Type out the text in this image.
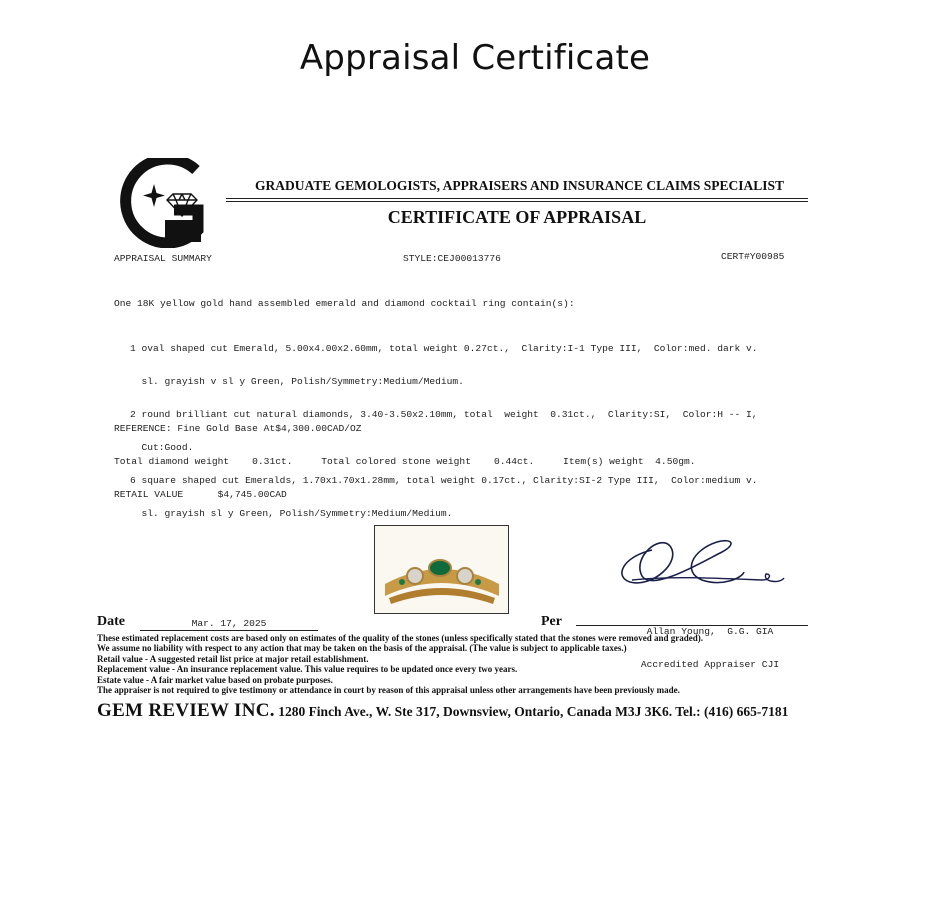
Appraisal Certificate
GRADUATE GEMOLOGISTS, APPRAISERS AND INSURANCE CLAIMS SPECIALIST
CERTIFICATE OF APPRAISAL
APPRAISAL SUMMARY	STYLE:CEJ00013776	CERT#Y00985
One 18K yellow gold hand assembled emerald and diamond cocktail ring contain(s):

1 oval shaped cut Emerald, 5.00x4.00x2.60mm, total weight 0.27ct.,  Clarity:I-1 Type III,  Color:med. dark v.

sl. grayish v sl y Green, Polish/Symmetry:Medium/Medium.

2 round brilliant cut natural diamonds, 3.40-3.50x2.10mm, total  weight  0.31ct.,  Clarity:SI,  Color:H -- I,

Cut:Good.

6 square shaped cut Emeralds, 1.70x1.70x1.28mm, total weight 0.17ct., Clarity:SI-2 Type III,  Color:medium v.

sl. grayish sl y Green, Polish/Symmetry:Medium/Medium.

REFERENCE: Fine Gold Base At$4,300.00CAD/OZ

Total diamond weight    0.31ct.     Total colored stone weight    0.44ct.     Item(s) weight  4.50gm.

RETAIL VALUE      $4,745.00CAD

Allan Young,  G.G. GIA

Accredited Appraiser CJI

Date	Mar. 17, 2025	Per
These estimated replacement costs are based only on estimates of the quality of the stones (unless specifically stated that the stones were removed and graded).
We assume no liability with respect to any action that may be taken on the basis of the appraisal. (The value is subject to applicable taxes.)
Retail value - A suggested retail list price at major retail establishment.
Replacement value - An insurance replacement value. This value requires to be updated once every two years.
Estate value - A fair market value based on probate purposes.
The appraiser is not required to give testimony or attendance in court by reason of this appraisal unless other arrangements have been previously made.
GEM REVIEW INC. 1280 Finch Ave., W. Ste 317, Downsview, Ontario, Canada M3J 3K6. Tel.: (416) 665-7181
